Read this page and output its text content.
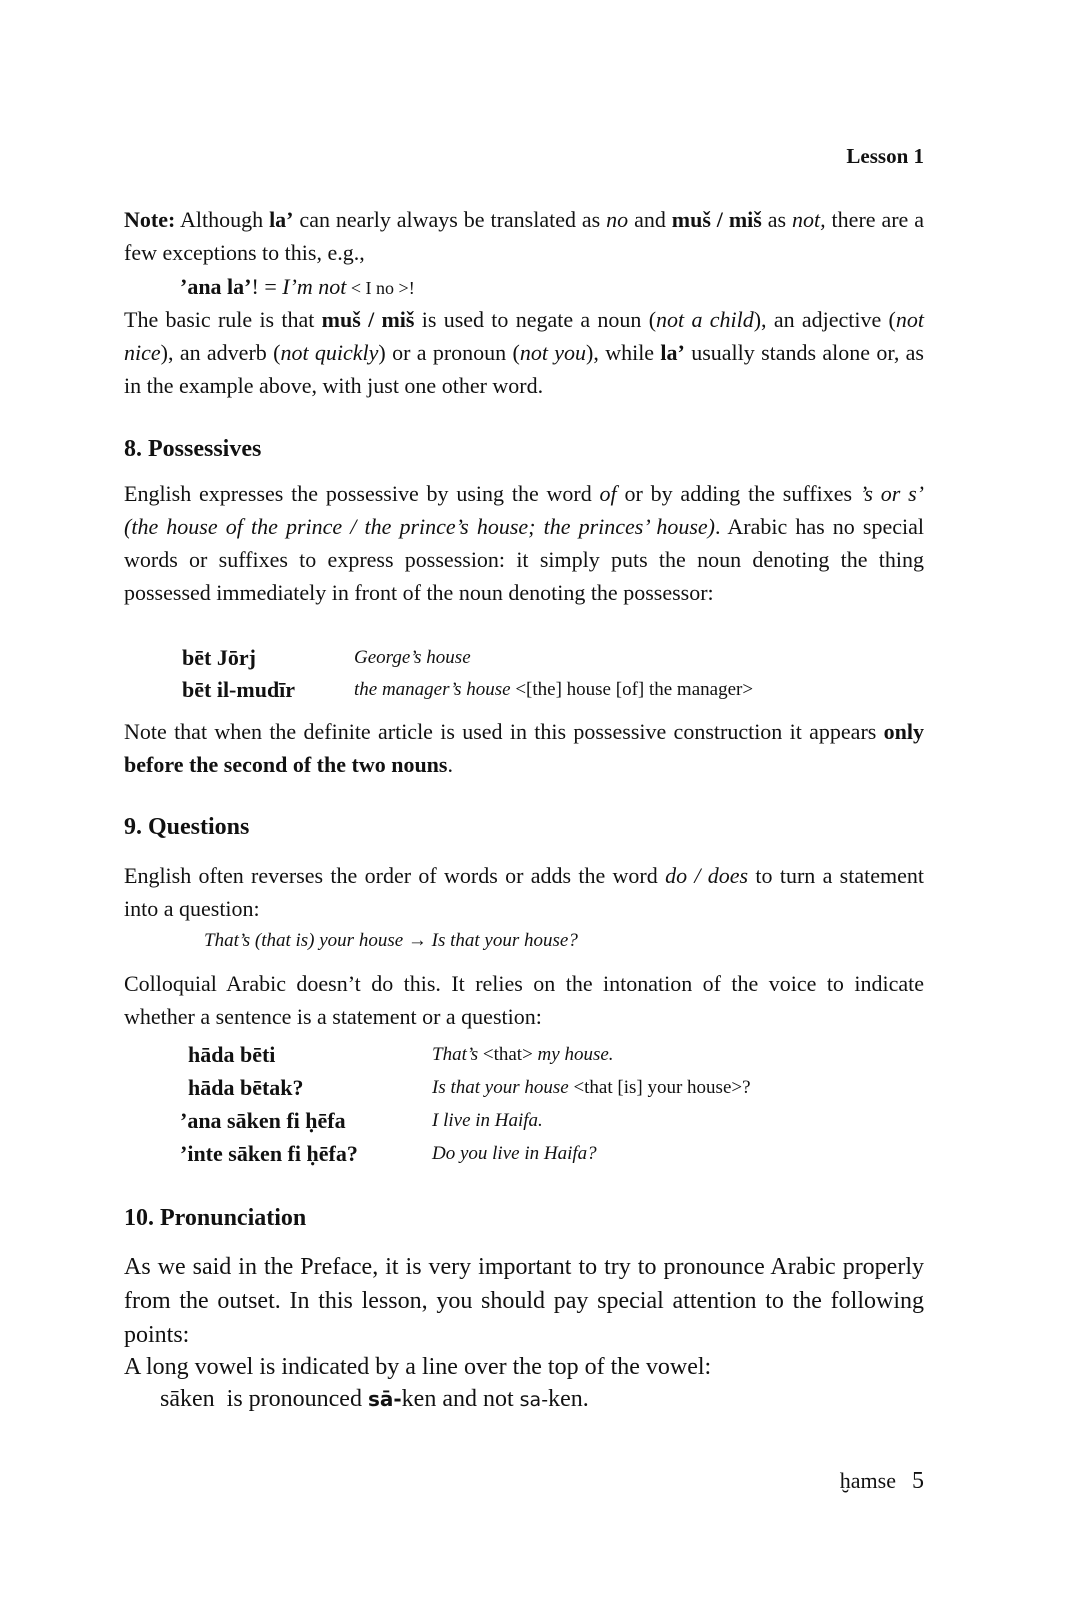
Lesson 1
Note: Although la’ can nearly always be translated as no and muš / miš as not, there are a few exceptions to this, e.g.,
’ana la’! = I’m not < I no >!
The basic rule is that muš / miš is used to negate a noun (not a child), an adjective (not nice), an adverb (not quickly) or a pronoun (not you), while la’ usually stands alone or, as in the example above, with just one other word.
8. Possessives
English expresses the possessive by using the word of or by adding the suffixes ’s or s’ (the house of the prince / the prince’s house; the princes’ house). Arabic has no special words or suffixes to express possession: it simply puts the noun denoting the thing possessed immediately in front of the noun denoting the possessor:
bēt Jōrj	George’s house
bēt il-mudīr	the manager’s house <[the] house [of] the manager>
Note that when the definite article is used in this possessive construction it appears only before the second of the two nouns.
9. Questions
English often reverses the order of words or adds the word do / does to turn a statement into a question:
That’s (that is) your house → Is that your house?
Colloquial Arabic doesn’t do this. It relies on the intonation of the voice to indicate whether a sentence is a statement or a question:
hāda bēti	That’s <that> my house.
hāda bētak?	Is that your house <that [is] your house>?
’ana sāken fi ḥēfa	I live in Haifa.
’inte sāken fi ḥēfa?	Do you live in Haifa?
10. Pronunciation
As we said in the Preface, it is very important to try to pronounce Arabic properly from the outset. In this lesson, you should pay special attention to the following points:
A long vowel is indicated by a line over the top of the vowel:
sāken  is pronounced sā-ken and not sa-ken.
ḫamse 5
